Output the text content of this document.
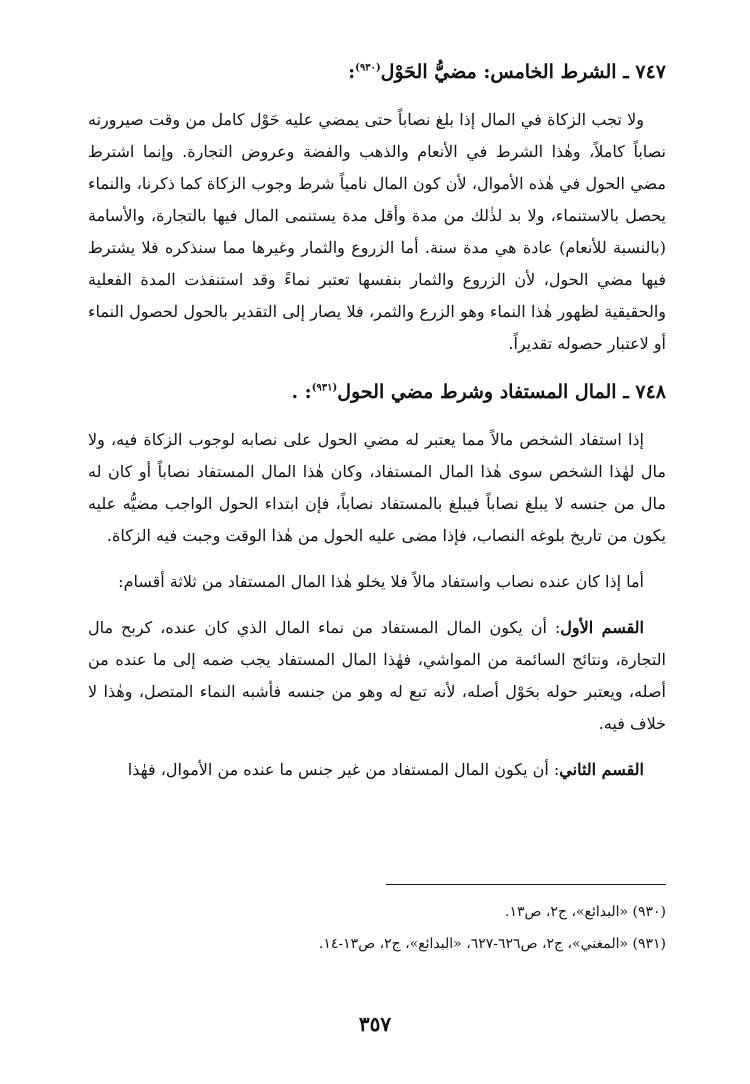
٧٤٧ ـ الشرط الخامس: مضيُّ الحَوْل$^{(٩٣٠)}$:

ولا تجب الزكاة في المال إذا بلغ نصاباً حتى يمضي عليه حَوْل كامل من وقت صيرورته نصاباً كاملاً، وهٰذا الشرط في الأنعام والذهب والفضة وعروض التجارة. وإنما اشترط مضي الحول في هٰذه الأموال، لأن كون المال نامياً شرط وجوب الزكاة كما ذكرنا، والنماء يحصل بالاستنماء، ولا بد لذٰلك من مدة وأقل مدة يستنمى المال فيها بالتجارة، والأسامة (بالنسبة للأنعام) عادة هي مدة سنة. أما الزروع والثمار وغيرها مما سنذكره فلا يشترط فيها مضي الحول، لأن الزروع والثمار بنفسها تعتبر نماءً وقد استنفذت المدة الفعلية والحقيقية لظهور هٰذا النماء وهو الزرع والثمر، فلا يصار إلى التقدير بالحول لحصول النماء أو لاعتبار حصوله تقديراً.

٧٤٨ ـ المال المستفاد وشرط مضي الحول$^{(٩٣١)}$: .

إذا استفاد الشخص مالاً مما يعتبر له مضي الحول على نصابه لوجوب الزكاة فيه، ولا مال لهٰذا الشخص سوى هٰذا المال المستفاد، وكان هٰذا المال المستفاد نصاباً أو كان له مال من جنسه لا يبلغ نصاباً فيبلغ بالمستفاد نصاباً، فإن ابتداء الحول الواجب مضيُّه عليه يكون من تاريخ بلوغه النصاب، فإذا مضى عليه الحول من هٰذا الوقت وجبت فيه الزكاة.

أما إذا كان عنده نصاب واستفاد مالاً فلا يخلو هٰذا المال المستفاد من ثلاثة أقسام:

القسم الأول: أن يكون المال المستفاد من نماء المال الذي كان عنده، كربح مال التجارة، ونتائج السائمة من المواشي، فهٰذا المال المستفاد يجب ضمه إلى ما عنده من أصله، ويعتبر حوله بحَوْل أصله، لأنه تبع له وهو من جنسه فأشبه النماء المتصل، وهٰذا لا خلاف فيه.

القسم الثاني: أن يكون المال المستفاد من غير جنس ما عنده من الأموال، فهٰذا

(٩٣٠) «البدائع»، ج٢، ص١٣.

(٩٣١) «المغني»، ج٢، ص٦٢٦-٦٢٧، «البدائع»، ج٢، ص١٣-١٤.

٣٥٧
